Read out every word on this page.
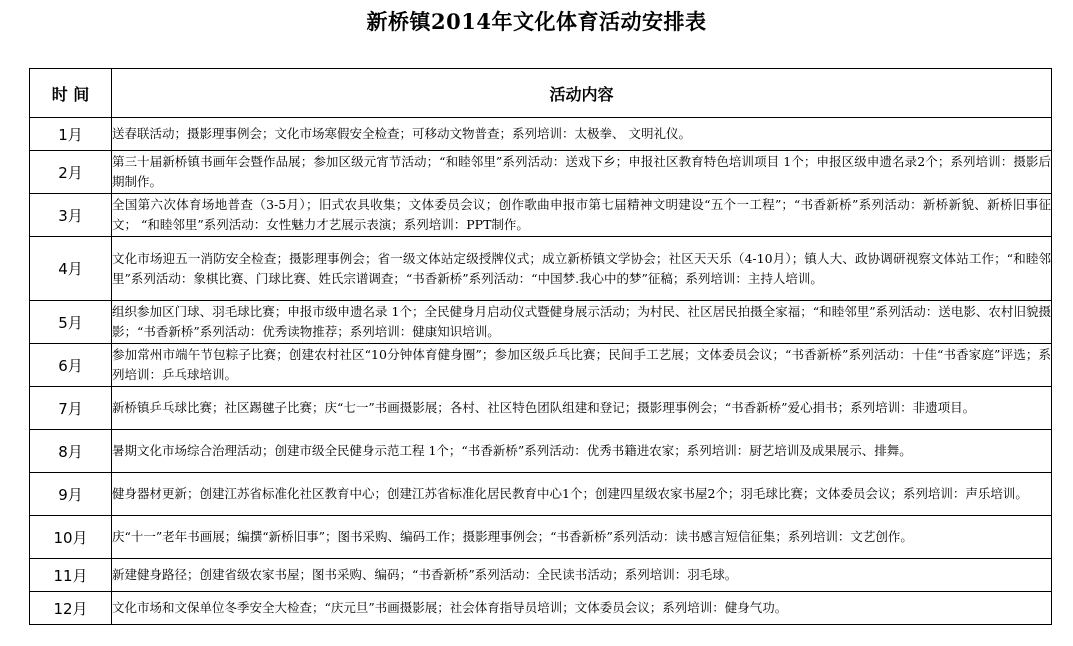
新桥镇2014年文化体育活动安排表
时 间	活动内容
1月	送春联活动；摄影理事例会；文化市场寒假安全检查；可移动文物普查；系列培训：太极拳、 文明礼仪。
2月	第三十届新桥镇书画年会暨作品展；参加区级元宵节活动；“和睦邻里”系列活动：送戏下乡；申报社区教育特色培训项目 1个；申报区级申遗名录2个；系列培训：摄影后期制作。
3月	全国第六次体育场地普查（3-5月）；旧式农具收集；文体委员会议；创作歌曲申报市第七届精神文明建设“五个一工程”；“书香新桥”系列活动：新桥新貌、新桥旧事征文； “和睦邻里”系列活动：女性魅力才艺展示表演；系列培训：PPT制作。
4月	文化市场迎五一消防安全检查；摄影理事例会；省一级文体站定级授牌仪式；成立新桥镇文学协会；社区天天乐（4-10月）；镇人大、政协调研视察文体站工作；“和睦邻里”系列活动：象棋比赛、门球比赛、姓氏宗谱调查；“书香新桥”系列活动：“中国梦.我心中的梦”征稿；系列培训：主持人培训。
5月	组织参加区门球、羽毛球比赛；申报市级申遗名录 1个；全民健身月启动仪式暨健身展示活动；为村民、社区居民拍摄全家福；“和睦邻里”系列活动：送电影、农村旧貌摄影；“书香新桥”系列活动：优秀读物推荐；系列培训：健康知识培训。
6月	参加常州市端午节包粽子比赛；创建农村社区“10分钟体育健身圈”；参加区级乒乓比赛；民间手工艺展；文体委员会议；“书香新桥”系列活动：十佳“书香家庭”评选；系列培训：乒乓球培训。
7月	新桥镇乒乓球比赛；社区踢毽子比赛；庆“七一”书画摄影展；各村、社区特色团队组建和登记；摄影理事例会；“书香新桥”爱心捐书；系列培训：非遗项目。
8月	暑期文化市场综合治理活动；创建市级全民健身示范工程 1个；“书香新桥”系列活动：优秀书籍进农家；系列培训：厨艺培训及成果展示、排舞。
9月	健身器材更新；创建江苏省标准化社区教育中心；创建江苏省标准化居民教育中心1个；创建四星级农家书屋2个；羽毛球比赛；文体委员会议；系列培训：声乐培训。
10月	庆“十一”老年书画展；编撰“新桥旧事”；图书采购、编码工作；摄影理事例会；“书香新桥”系列活动：读书感言短信征集；系列培训：文艺创作。
11月	新建健身路径；创建省级农家书屋；图书采购、编码；“书香新桥”系列活动：全民读书活动；系列培训：羽毛球。
12月	文化市场和文保单位冬季安全大检查；“庆元旦”书画摄影展；社会体育指导员培训；文体委员会议；系列培训：健身气功。
